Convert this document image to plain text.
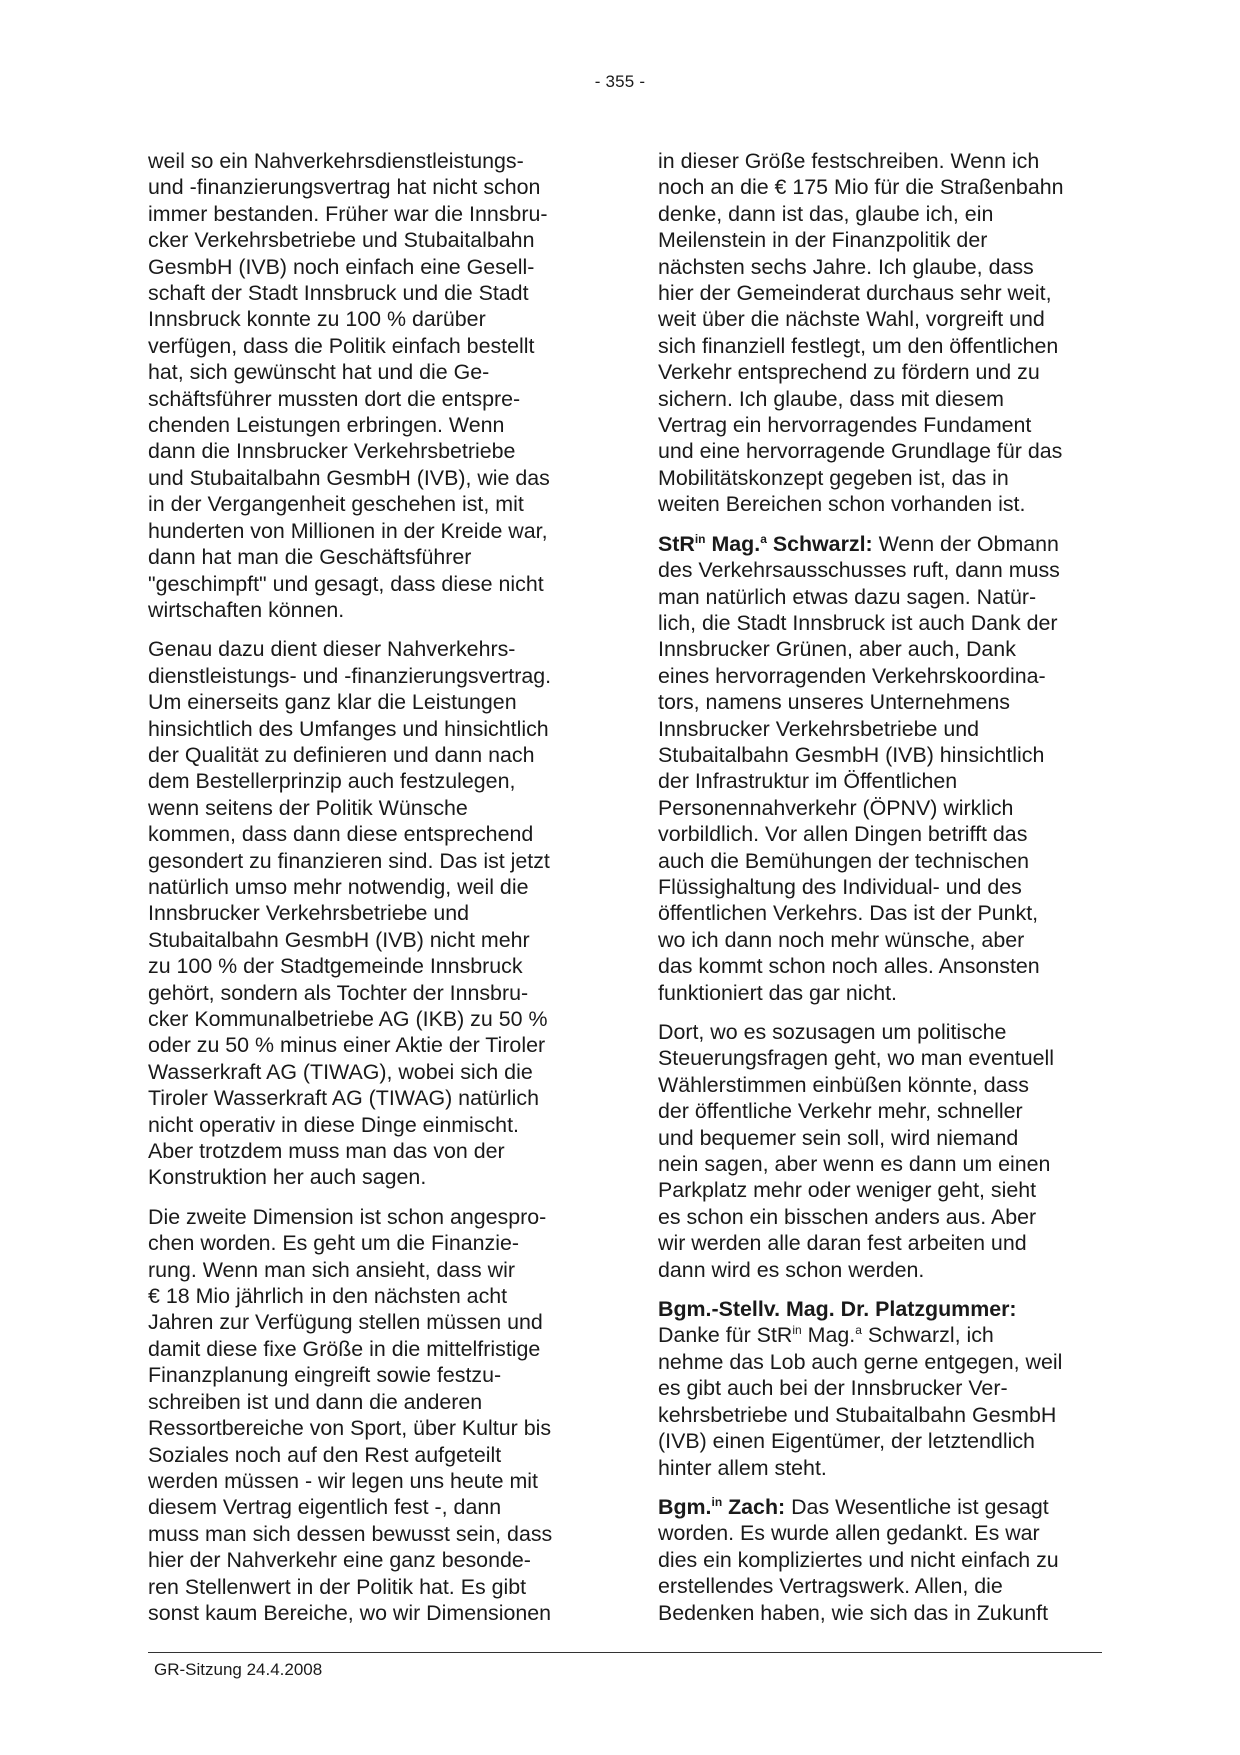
- 355 -

weil so ein Nahverkehrsdienstleistungs-
und -finanzierungsvertrag hat nicht schon
immer bestanden. Früher war die Innsbru-
cker Verkehrsbetriebe und Stubaitalbahn
GesmbH (IVB) noch einfach eine Gesell-
schaft der Stadt Innsbruck und die Stadt
Innsbruck konnte zu 100 % darüber
verfügen, dass die Politik einfach bestellt
hat, sich gewünscht hat und die Ge-
schäftsführer mussten dort die entspre-
chenden Leistungen erbringen. Wenn
dann die Innsbrucker Verkehrsbetriebe
und Stubaitalbahn GesmbH (IVB), wie das
in der Vergangenheit geschehen ist, mit
hunderten von Millionen in der Kreide war,
dann hat man die Geschäftsführer
"geschimpft" und gesagt, dass diese nicht
wirtschaften können.

Genau dazu dient dieser Nahverkehrs-
dienstleistungs- und -finanzierungsvertrag.
Um einerseits ganz klar die Leistungen
hinsichtlich des Umfanges und hinsichtlich
der Qualität zu definieren und dann nach
dem Bestellerprinzip auch festzulegen,
wenn seitens der Politik Wünsche
kommen, dass dann diese entsprechend
gesondert zu finanzieren sind. Das ist jetzt
natürlich umso mehr notwendig, weil die
Innsbrucker Verkehrsbetriebe und
Stubaitalbahn GesmbH (IVB) nicht mehr
zu 100 % der Stadtgemeinde Innsbruck
gehört, sondern als Tochter der Innsbru-
cker Kommunalbetriebe AG (IKB) zu 50 %
oder zu 50 % minus einer Aktie der Tiroler
Wasserkraft AG (TIWAG), wobei sich die
Tiroler Wasserkraft AG (TIWAG) natürlich
nicht operativ in diese Dinge einmischt.
Aber trotzdem muss man das von der
Konstruktion her auch sagen.

Die zweite Dimension ist schon angespro-
chen worden. Es geht um die Finanzie-
rung. Wenn man sich ansieht, dass wir
€ 18 Mio jährlich in den nächsten acht
Jahren zur Verfügung stellen müssen und
damit diese fixe Größe in die mittelfristige
Finanzplanung eingreift sowie festzu-
schreiben ist und dann die anderen
Ressortbereiche von Sport, über Kultur bis
Soziales noch auf den Rest aufgeteilt
werden müssen - wir legen uns heute mit
diesem Vertrag eigentlich fest -, dann
muss man sich dessen bewusst sein, dass
hier der Nahverkehr eine ganz besonde-
ren Stellenwert in der Politik hat. Es gibt
sonst kaum Bereiche, wo wir Dimensionen

in dieser Größe festschreiben. Wenn ich
noch an die € 175 Mio für die Straßenbahn
denke, dann ist das, glaube ich, ein
Meilenstein in der Finanzpolitik der
nächsten sechs Jahre. Ich glaube, dass
hier der Gemeinderat durchaus sehr weit,
weit über die nächste Wahl, vorgreift und
sich finanziell festlegt, um den öffentlichen
Verkehr entsprechend zu fördern und zu
sichern. Ich glaube, dass mit diesem
Vertrag ein hervorragendes Fundament
und eine hervorragende Grundlage für das
Mobilitätskonzept gegeben ist, das in
weiten Bereichen schon vorhanden ist.

StR$^{in}$ Mag.$^a$ Schwarzl: Wenn der Obmann
des Verkehrsausschusses ruft, dann muss
man natürlich etwas dazu sagen. Natür-
lich, die Stadt Innsbruck ist auch Dank der
Innsbrucker Grünen, aber auch, Dank
eines hervorragenden Verkehrskoordina-
tors, namens unseres Unternehmens
Innsbrucker Verkehrsbetriebe und
Stubaitalbahn GesmbH (IVB) hinsichtlich
der Infrastruktur im Öffentlichen
Personennahverkehr (ÖPNV) wirklich
vorbildlich. Vor allen Dingen betrifft das
auch die Bemühungen der technischen
Flüssighaltung des Individual- und des
öffentlichen Verkehrs. Das ist der Punkt,
wo ich dann noch mehr wünsche, aber
das kommt schon noch alles. Ansonsten
funktioniert das gar nicht.

Dort, wo es sozusagen um politische
Steuerungsfragen geht, wo man eventuell
Wählerstimmen einbüßen könnte, dass
der öffentliche Verkehr mehr, schneller
und bequemer sein soll, wird niemand
nein sagen, aber wenn es dann um einen
Parkplatz mehr oder weniger geht, sieht
es schon ein bisschen anders aus. Aber
wir werden alle daran fest arbeiten und
dann wird es schon werden.

Bgm.-Stellv. Mag. Dr. Platzgummer:
Danke für StR$^{in}$ Mag.$^a$ Schwarzl, ich
nehme das Lob auch gerne entgegen, weil
es gibt auch bei der Innsbrucker Ver-
kehrsbetriebe und Stubaitalbahn GesmbH
(IVB) einen Eigentümer, der letztendlich
hinter allem steht.

Bgm.$^{in}$ Zach: Das Wesentliche ist gesagt
worden. Es wurde allen gedankt. Es war
dies ein kompliziertes und nicht einfach zu
erstellendes Vertragswerk. Allen, die
Bedenken haben, wie sich das in Zukunft

GR-Sitzung 24.4.2008
